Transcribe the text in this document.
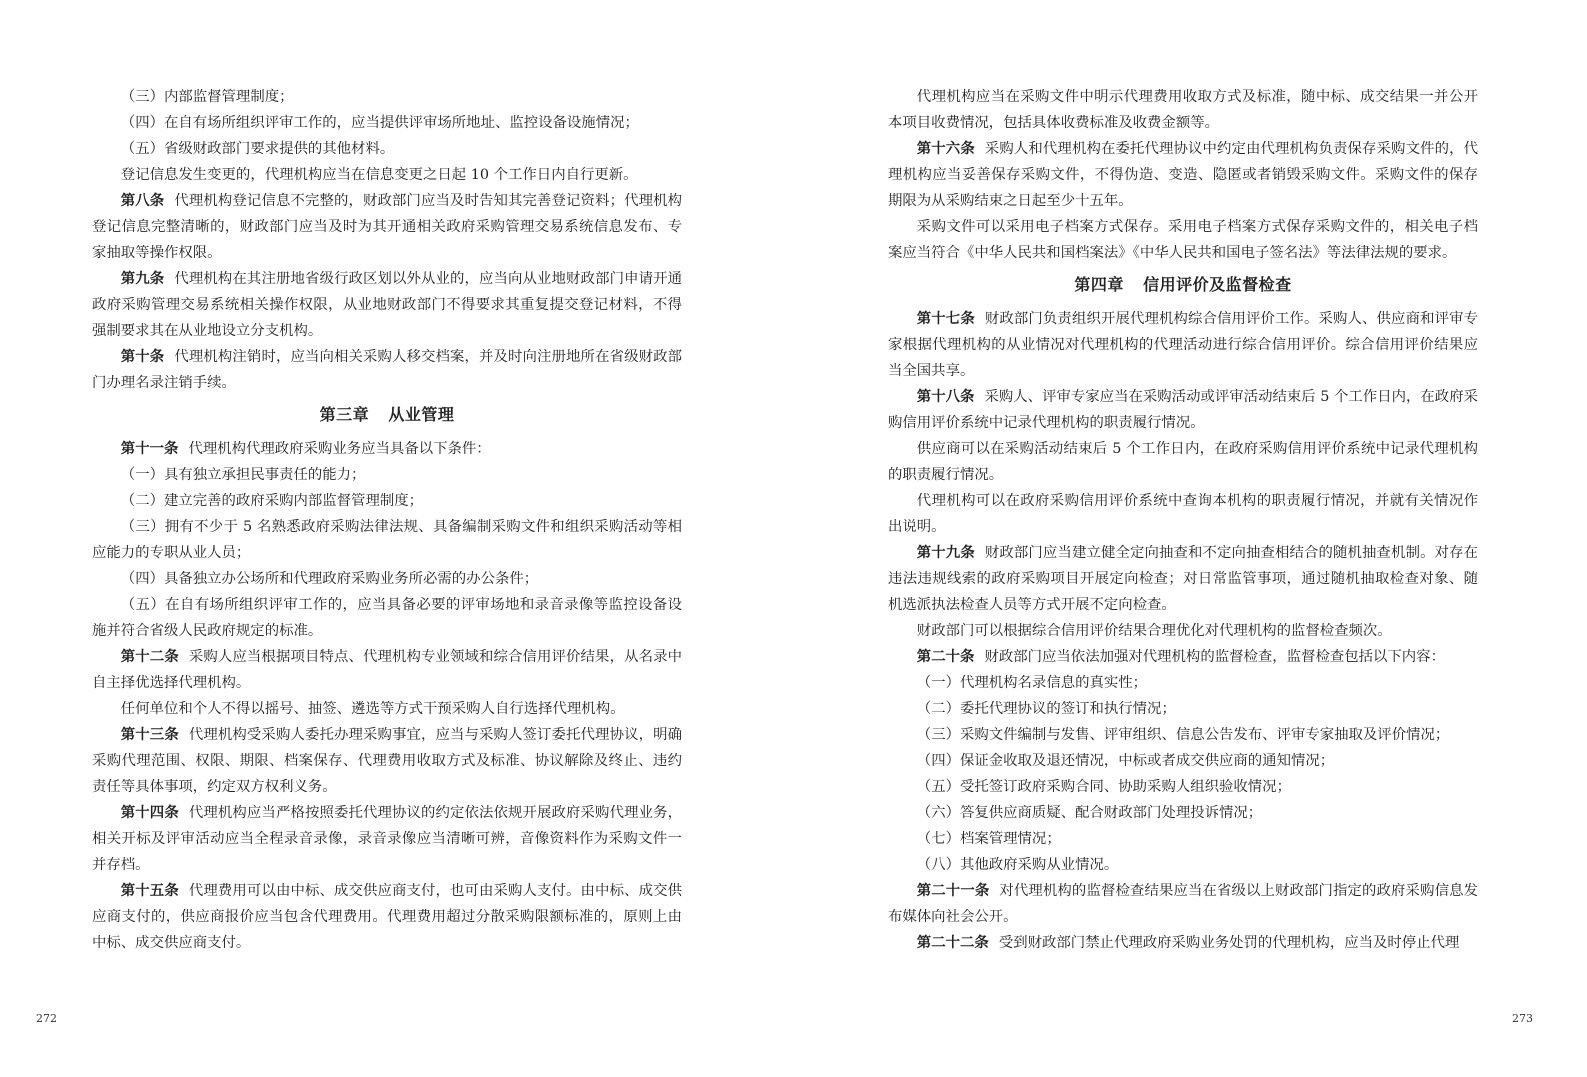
（三）内部监督管理制度；

（四）在自有场所组织评审工作的，应当提供评审场所地址、监控设备设施情况；

（五）省级财政部门要求提供的其他材料。

登记信息发生变更的，代理机构应当在信息变更之日起 10 个工作日内自行更新。

第八条 代理机构登记信息不完整的，财政部门应当及时告知其完善登记资料；代理机构登记信息完整清晰的，财政部门应当及时为其开通相关政府采购管理交易系统信息发布、专家抽取等操作权限。

第九条 代理机构在其注册地省级行政区划以外从业的，应当向从业地财政部门申请开通政府采购管理交易系统相关操作权限，从业地财政部门不得要求其重复提交登记材料，不得强制要求其在从业地设立分支机构。

第十条 代理机构注销时，应当向相关采购人移交档案，并及时向注册地所在省级财政部门办理名录注销手续。

第三章 从业管理

第十一条 代理机构代理政府采购业务应当具备以下条件：

（一）具有独立承担民事责任的能力；

（二）建立完善的政府采购内部监督管理制度；

（三）拥有不少于 5 名熟悉政府采购法律法规、具备编制采购文件和组织采购活动等相应能力的专职从业人员；

（四）具备独立办公场所和代理政府采购业务所必需的办公条件；

（五）在自有场所组织评审工作的，应当具备必要的评审场地和录音录像等监控设备设施并符合省级人民政府规定的标准。

第十二条 采购人应当根据项目特点、代理机构专业领域和综合信用评价结果，从名录中自主择优选择代理机构。

任何单位和个人不得以摇号、抽签、遴选等方式干预采购人自行选择代理机构。

第十三条 代理机构受采购人委托办理采购事宜，应当与采购人签订委托代理协议，明确采购代理范围、权限、期限、档案保存、代理费用收取方式及标准、协议解除及终止、违约责任等具体事项，约定双方权利义务。

第十四条 代理机构应当严格按照委托代理协议的约定依法依规开展政府采购代理业务，相关开标及评审活动应当全程录音录像，录音录像应当清晰可辨，音像资料作为采购文件一并存档。

第十五条 代理费用可以由中标、成交供应商支付，也可由采购人支付。由中标、成交供应商支付的，供应商报价应当包含代理费用。代理费用超过分散采购限额标准的，原则上由中标、成交供应商支付。

代理机构应当在采购文件中明示代理费用收取方式及标准，随中标、成交结果一并公开本项目收费情况，包括具体收费标准及收费金额等。

第十六条 采购人和代理机构在委托代理协议中约定由代理机构负责保存采购文件的，代理机构应当妥善保存采购文件，不得伪造、变造、隐匿或者销毁采购文件。采购文件的保存期限为从采购结束之日起至少十五年。

采购文件可以采用电子档案方式保存。采用电子档案方式保存采购文件的，相关电子档案应当符合《中华人民共和国档案法》《中华人民共和国电子签名法》等法律法规的要求。

第四章 信用评价及监督检查

第十七条 财政部门负责组织开展代理机构综合信用评价工作。采购人、供应商和评审专家根据代理机构的从业情况对代理机构的代理活动进行综合信用评价。综合信用评价结果应当全国共享。

第十八条 采购人、评审专家应当在采购活动或评审活动结束后 5 个工作日内，在政府采购信用评价系统中记录代理机构的职责履行情况。

供应商可以在采购活动结束后 5 个工作日内，在政府采购信用评价系统中记录代理机构的职责履行情况。

代理机构可以在政府采购信用评价系统中查询本机构的职责履行情况，并就有关情况作出说明。

第十九条 财政部门应当建立健全定向抽查和不定向抽查相结合的随机抽查机制。对存在违法违规线索的政府采购项目开展定向检查；对日常监管事项，通过随机抽取检查对象、随机选派执法检查人员等方式开展不定向检查。

财政部门可以根据综合信用评价结果合理优化对代理机构的监督检查频次。

第二十条 财政部门应当依法加强对代理机构的监督检查，监督检查包括以下内容：

（一）代理机构名录信息的真实性；

（二）委托代理协议的签订和执行情况；

（三）采购文件编制与发售、评审组织、信息公告发布、评审专家抽取及评价情况；

（四）保证金收取及退还情况，中标或者成交供应商的通知情况；

（五）受托签订政府采购合同、协助采购人组织验收情况；

（六）答复供应商质疑、配合财政部门处理投诉情况；

（七）档案管理情况；

（八）其他政府采购从业情况。

第二十一条 对代理机构的监督检查结果应当在省级以上财政部门指定的政府采购信息发布媒体向社会公开。

第二十二条 受到财政部门禁止代理政府采购业务处罚的代理机构，应当及时停止代理

272	273
